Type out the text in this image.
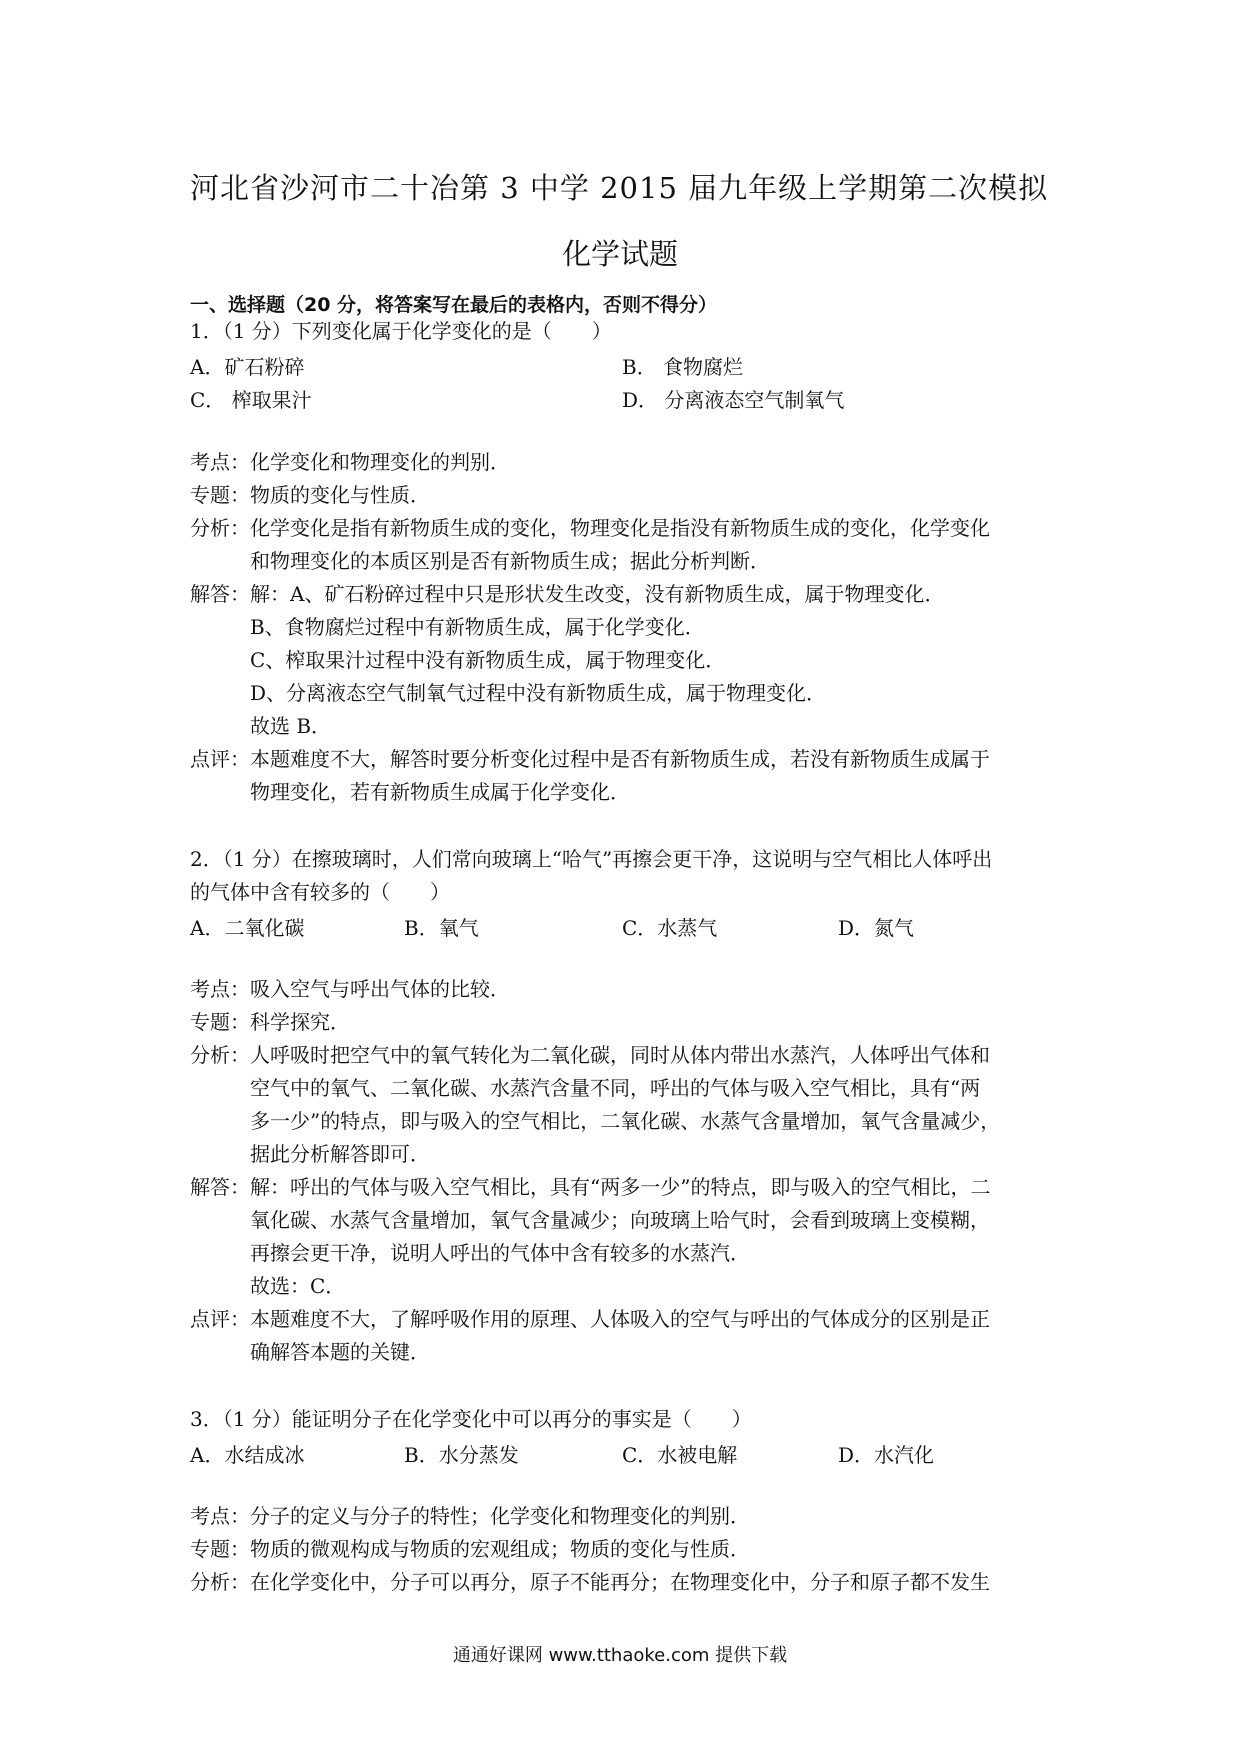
河北省沙河市二十冶第 3 中学 2015 届九年级上学期第二次模拟
化学试题
一、选择题（20 分，将答案写在最后的表格内，否则不得分）
1．（1 分）下列变化属于化学变化的是（　　）
A．矿石粉碎	B． 食物腐烂
C． 榨取果汁	D． 分离液态空气制氧气
考点：化学变化和物理变化的判别．
专题：物质的变化与性质．
分析：化学变化是指有新物质生成的变化，物理变化是指没有新物质生成的变化，化学变化
和物理变化的本质区别是否有新物质生成；据此分析判断．
解答：解：A、矿石粉碎过程中只是形状发生改变，没有新物质生成，属于物理变化．
B、食物腐烂过程中有新物质生成，属于化学变化．
C、榨取果汁过程中没有新物质生成，属于物理变化．
D、分离液态空气制氧气过程中没有新物质生成，属于物理变化．
故选 B．
点评：本题难度不大，解答时要分析变化过程中是否有新物质生成，若没有新物质生成属于
物理变化，若有新物质生成属于化学变化．
2．（1 分）在擦玻璃时，人们常向玻璃上“哈气”再擦会更干净，这说明与空气相比人体呼出
的气体中含有较多的（　　）
A．二氧化碳	B．氧气	C．水蒸气	D．氮气
考点：吸入空气与呼出气体的比较．
专题：科学探究．
分析：人呼吸时把空气中的氧气转化为二氧化碳，同时从体内带出水蒸汽，人体呼出气体和
空气中的氧气、二氧化碳、水蒸汽含量不同，呼出的气体与吸入空气相比，具有“两
多一少”的特点，即与吸入的空气相比，二氧化碳、水蒸气含量增加，氧气含量减少，
据此分析解答即可．
解答：解：呼出的气体与吸入空气相比，具有“两多一少”的特点，即与吸入的空气相比，二
氧化碳、水蒸气含量增加，氧气含量减少；向玻璃上哈气时，会看到玻璃上变模糊，
再擦会更干净，说明人呼出的气体中含有较多的水蒸汽．
故选：C．
点评：本题难度不大，了解呼吸作用的原理、人体吸入的空气与呼出的气体成分的区别是正
确解答本题的关键．
3．（1 分）能证明分子在化学变化中可以再分的事实是（　　）
A．水结成冰	B．水分蒸发	C．水被电解	D．水汽化
考点：分子的定义与分子的特性；化学变化和物理变化的判别．
专题：物质的微观构成与物质的宏观组成；物质的变化与性质．
分析：在化学变化中，分子可以再分，原子不能再分；在物理变化中，分子和原子都不发生
通通好课网 www.tthaoke.com 提供下载
